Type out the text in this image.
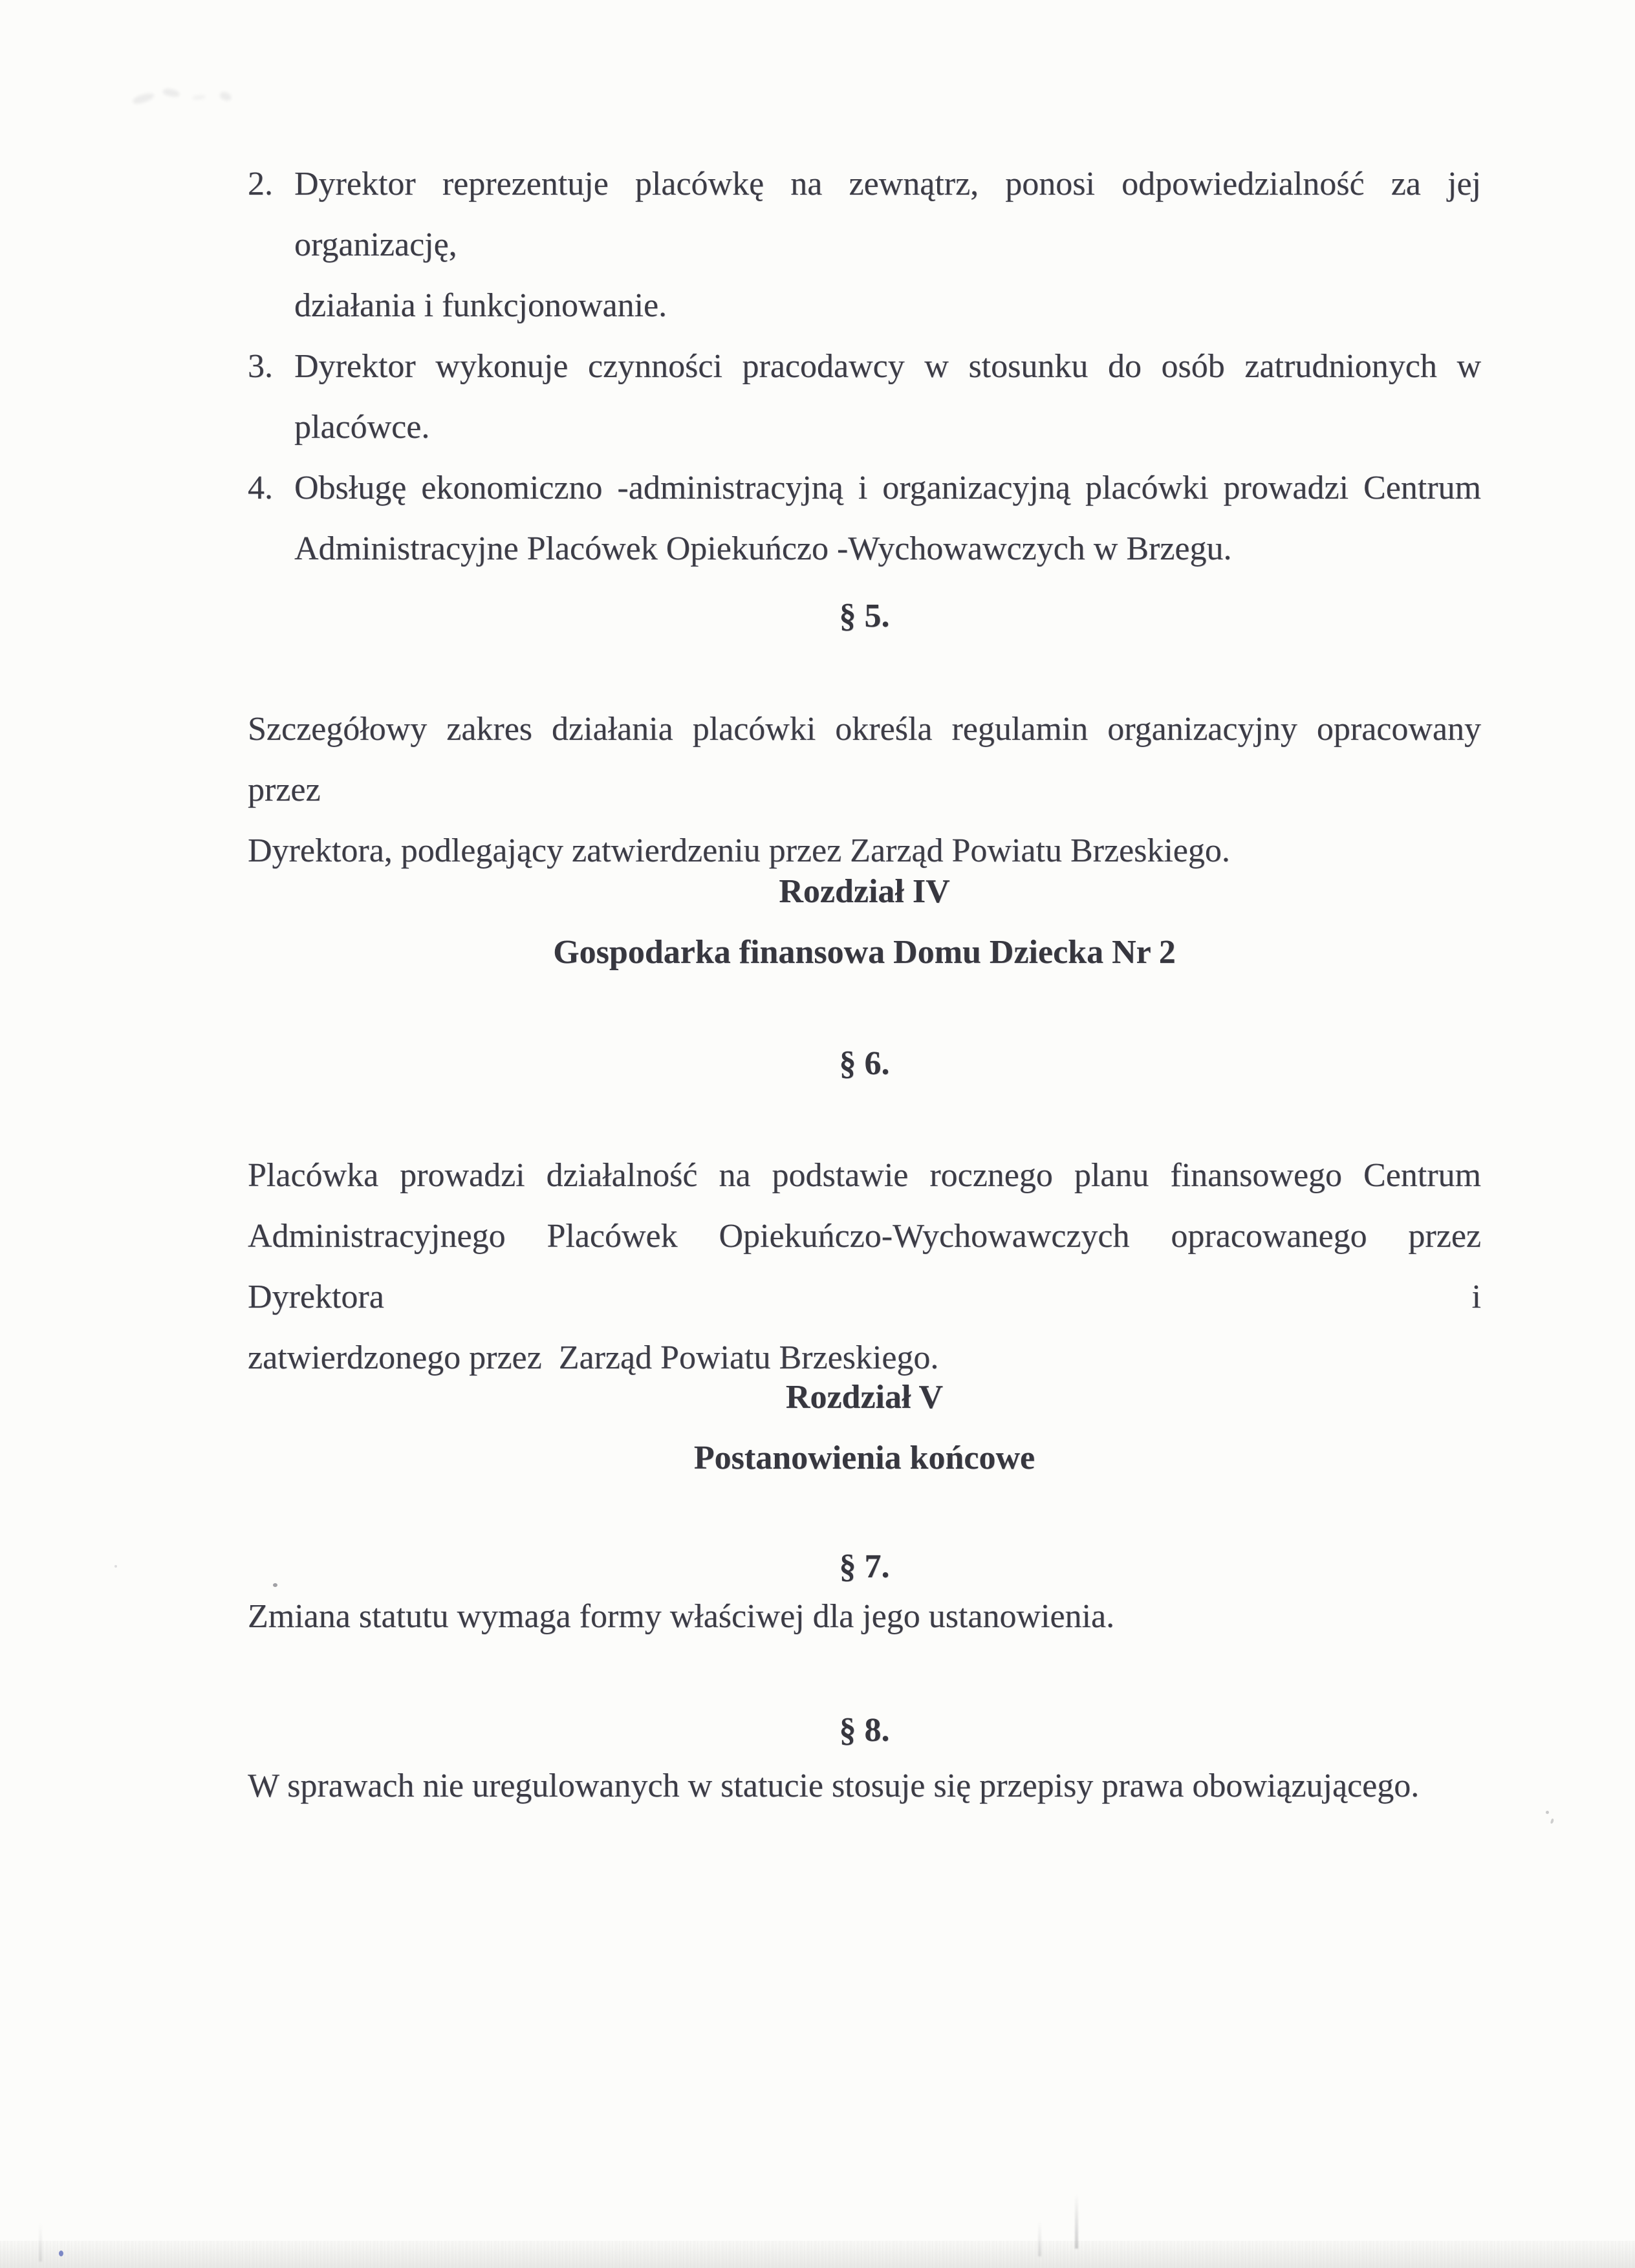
2. Dyrektor reprezentuje placówkę na zewnątrz, ponosi odpowiedzialność za jej organizację,
działania i funkcjonowanie.
3. Dyrektor wykonuje czynności pracodawcy w stosunku do osób zatrudnionych w
placówce.
4. Obsługę ekonomiczno -administracyjną i organizacyjną placówki prowadzi Centrum
Administracyjne Placówek Opiekuńczo -Wychowawczych w Brzegu.
§ 5.
Szczegółowy zakres działania placówki określa regulamin organizacyjny opracowany przez
Dyrektora, podlegający zatwierdzeniu przez Zarząd Powiatu Brzeskiego.
Rozdział IV
Gospodarka finansowa Domu Dziecka Nr 2
§ 6.
Placówka prowadzi działalność na podstawie rocznego planu finansowego Centrum
Administracyjnego Placówek Opiekuńczo-Wychowawczych opracowanego przez Dyrektora i
zatwierdzonego przez  Zarząd Powiatu Brzeskiego.
Rozdział V
Postanowienia końcowe
§ 7.
Zmiana statutu wymaga formy właściwej dla jego ustanowienia.
§ 8.
W sprawach nie uregulowanych w statucie stosuje się przepisy prawa obowiązującego.
